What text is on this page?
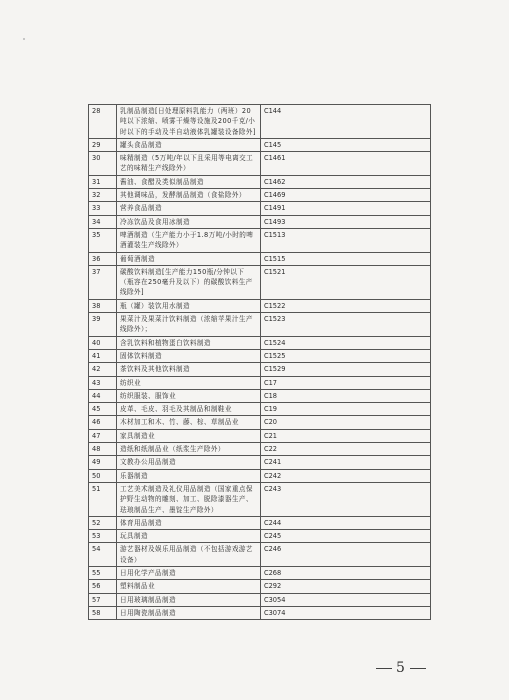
28	乳制品制造[日处理原料乳能力（两班）20吨以下浓缩、喷雾干燥等设施及200千克/小时以下的手动及半自动液体乳罐装设备除外]	C144
29	罐头食品制造	C145
30	味精制造（5万吨/年以下且采用等电离交工艺的味精生产线除外）	C1461
31	酱油、食醋及类似制品制造	C1462
32	其他调味品，发酵制品制造（食盐除外）	C1469
33	营养食品制造	C1491
34	冷冻饮品及食用冰制造	C1493
35	啤酒制造（生产能力小于1.8万吨/小时的啤酒灌装生产线除外）	C1513
36	葡萄酒制造	C1515
37	碳酸饮料制造[生产能力150瓶/分钟以下（瓶容在250毫升及以下）的碳酸饮料生产线除外]	C1521
38	瓶（罐）装饮用水制造	C1522
39	果菜汁及果菜汁饮料制造（浓缩苹果汁生产线除外）；	C1523
40	含乳饮料和植物蛋白饮料制造	C1524
41	固体饮料制造	C1525
42	茶饮料及其他饮料制造	C1529
43	纺织业	C17
44	纺织服装、服饰业	C18
45	皮革、毛皮、羽毛及其制品和制鞋业	C19
46	木材加工和木、竹、藤、棕、草制品业	C20
47	家具制造业	C21
48	造纸和纸制品业（纸浆生产除外）	C22
49	文教办公用品制造	C241
50	乐器制造	C242
51	工艺美术制造及礼仪用品制造（国家重点保护野生动物的雕刻、加工、脱除漆器生产、珐琅制品生产、墨锭生产除外）	C243
52	体育用品制造	C244
53	玩具制造	C245
54	游艺器材及娱乐用品制造（不包括游戏游艺设备）	C246
55	日用化学产品制造	C268
56	塑料制品业	C292
57	日用玻璃制品制造	C3054
58	日用陶瓷制品制造	C3074
5
